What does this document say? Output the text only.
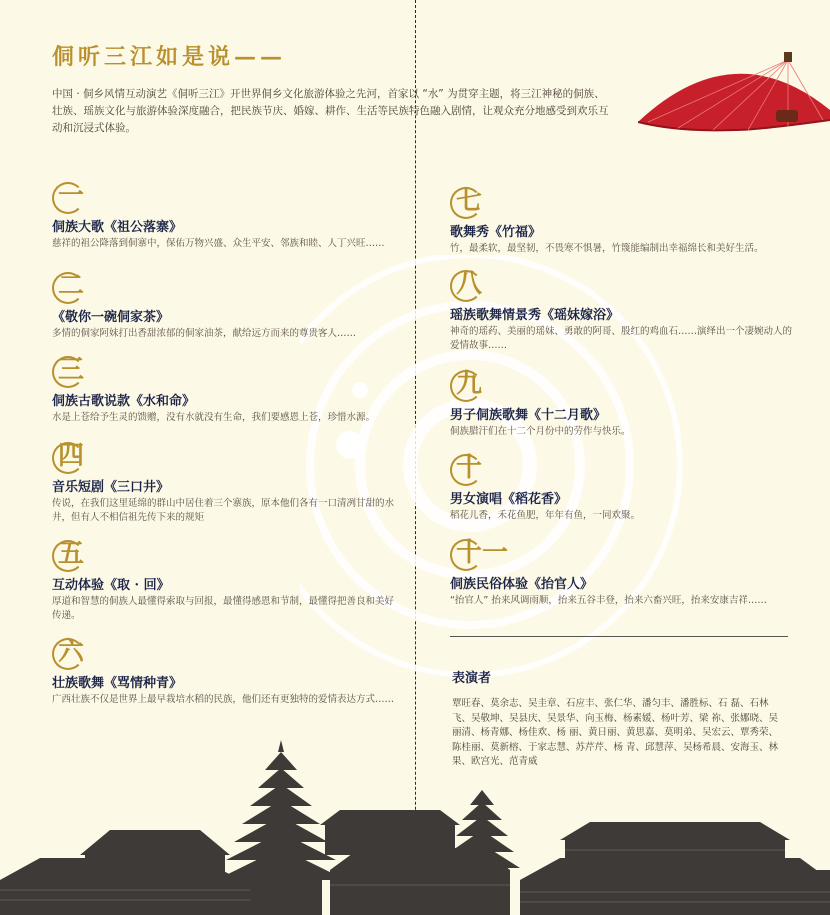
侗听三江如是说——
中国 · 侗乡风情互动演艺《侗听三江》开世界侗乡文化旅游体验之先河，首家以 “水” 为贯穿主题，将三江神秘的侗族、壮族、瑶族文化与旅游体验深度融合，把民族节庆、婚嫁、耕作、生活等民族特色融入剧情，让观众充分地感受到欢乐互动和沉浸式体验。
一
侗族大歌《祖公落寨》
慈祥的祖公降落到侗寨中，保佑万物兴盛、众生平安、邻族和睦、人丁兴旺……
二
《敬你一碗侗家茶》
多情的侗家阿妹打出香甜浓郁的侗家油茶，献给远方而来的尊贵客人……
三
侗族古歌说款《水和命》
水是上苍给予生灵的馈赠，没有水就没有生命，我们要感恩上苍，珍惜水源。
四
音乐短剧《三口井》
传说，在我们这里延绵的群山中居住着三个寨族，原本他们各有一口清冽甘甜的水井，但有人不相信祖先传下来的规矩
五
互动体验《取 · 回》
厚道和智慧的侗族人最懂得索取与回报，最懂得感恩和节制，最懂得把善良和美好传递。
六
壮族歌舞《骂情种青》
广西壮族不仅是世界上最早栽培水稻的民族，他们还有更独特的爱情表达方式……
七
歌舞秀《竹福》
竹，最柔软，最坚韧，不畏寒不惧暑，竹篾能编制出幸福绵长和美好生活。
八
瑶族歌舞情景秀《瑶妹嫁浴》
神奇的瑶药、美丽的瑶妹、勇敢的阿哥、殷红的鸡血石……演绎出一个凄婉动人的爱情故事……
九
男子侗族歌舞《十二月歌》
侗族腊汗们在十二个月份中的劳作与快乐。
十
男女演唱《稻花香》
稻花儿香，禾花鱼肥，年年有鱼，一同欢聚。
十一
侗族民俗体验《抬官人》
“抬官人” 抬来风调雨顺，抬来五谷丰登，抬来六畜兴旺，抬来安康吉祥……
表演者
覃旺春、莫余志、吴圭章、石应丰、张仁华、潘匀丰、潘胜标、石 磊、石林飞、吴敬坤、吴县庆、吴景华、向玉梅、杨素媛、杨叶芳、梁 祢、张娜晓、吴丽清、杨青娜、杨佳欢、杨 丽、黄日丽、黄思嘉、莫明弟、吴宏云、覃秀荣、陈桂丽、莫新榕、于家志慧、苏芹芹、杨 青、邱慧萍、吴杨希晨、安海玉、林 果、欧宫光、范青威
